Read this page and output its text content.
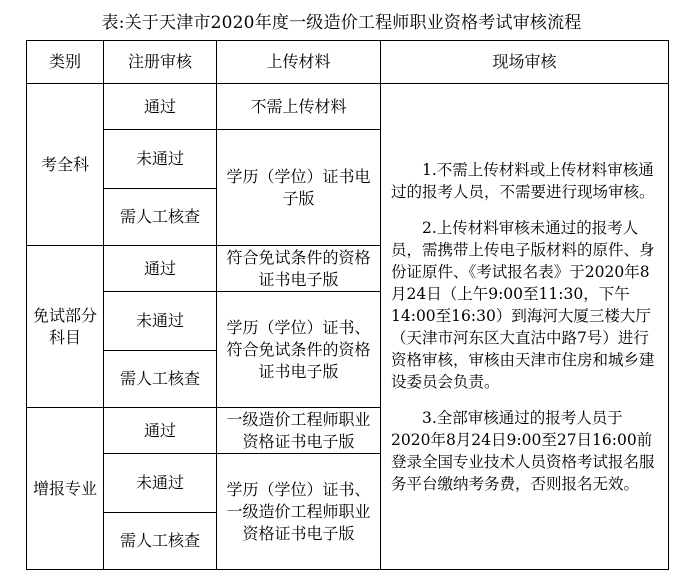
表:关于天津市2020年度一级造价工程师职业资格考试审核流程
类别	注册审核	上传材料	现场审核

考全科	通过	不需上传材料	1.不需上传材料或上传材料审核通过的报考人员，不需要进行现场审核。

2.上传材料审核未通过的报考人员，需携带上传电子版材料的原件、身份证原件、《考试报名表》于2020年8月24日（上午9:00至11:30，下午14:00至16:30）到海河大厦三楼大厅（天津市河东区大直沽中路7号）进行资格审核，审核由天津市住房和城乡建设委员会负责。

3.全部审核通过的报考人员于2020年8月24日9:00至27日16:00前登录全国专业技术人员资格考试报名服务平台缴纳考务费，否则报名无效。

	未通过	学历（学位）证书电子版	

	需人工核查		

免试部分科目	通过	符合免试条件的资格证书电子版	

	未通过	学历（学位）证书、符合免试条件的资格证书电子版	

	需人工核查		

增报专业	通过	一级造价工程师职业资格证书电子版	

	未通过	学历（学位）证书、一级造价工程师职业资格证书电子版	

	需人工核查		
